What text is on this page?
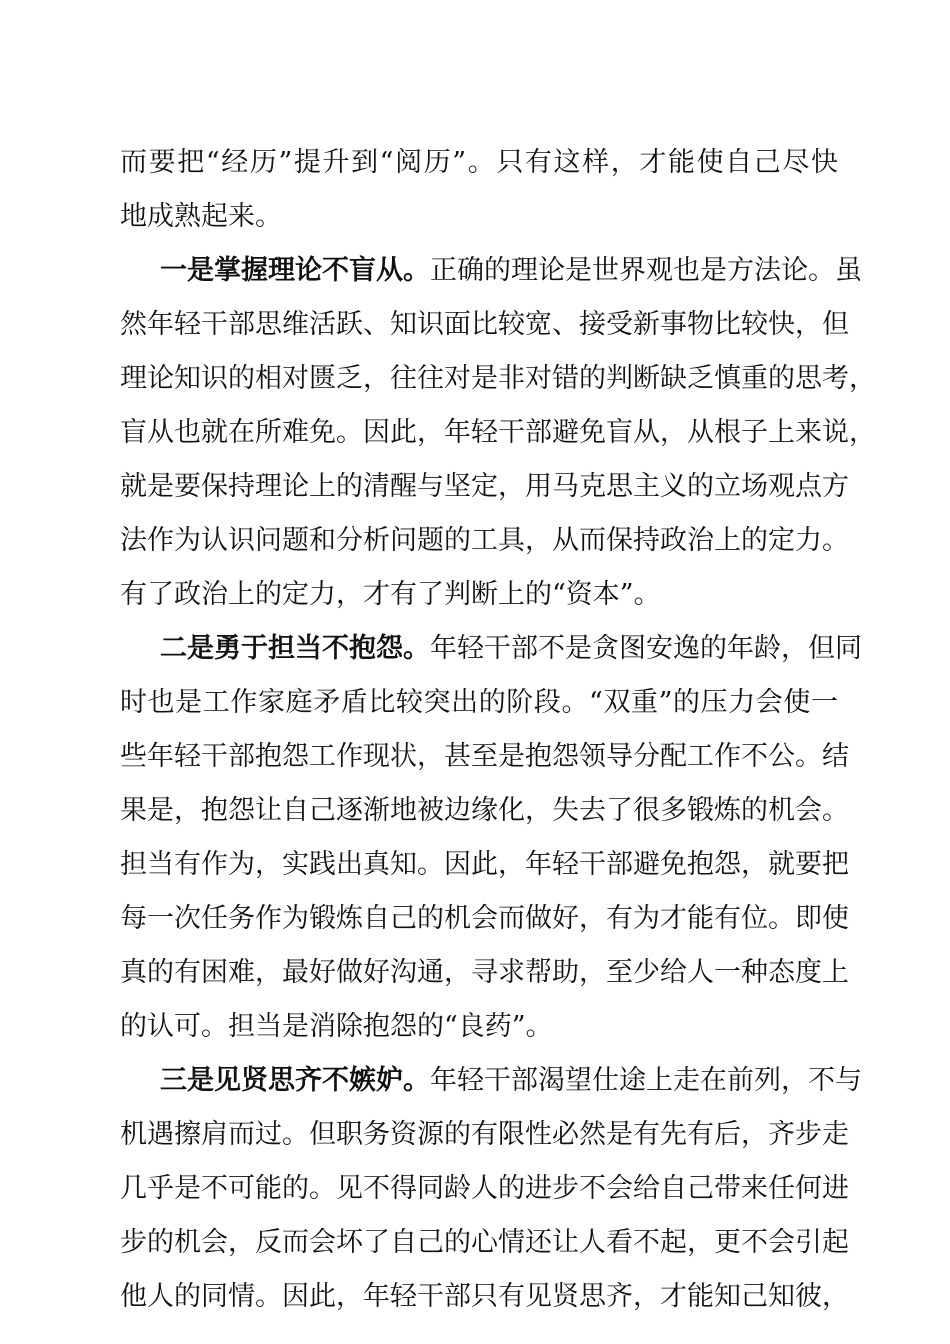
而要把“经历”提升到“阅历”。只有这样，才能使自己尽快
地成熟起来。
一是掌握理论不盲从。正确的理论是世界观也是方法论。虽
然年轻干部思维活跃、知识面比较宽、接受新事物比较快，但
理论知识的相对匮乏，往往对是非对错的判断缺乏慎重的思考，
盲从也就在所难免。因此，年轻干部避免盲从，从根子上来说，
就是要保持理论上的清醒与坚定，用马克思主义的立场观点方
法作为认识问题和分析问题的工具，从而保持政治上的定力。
有了政治上的定力，才有了判断上的“资本”。
二是勇于担当不抱怨。年轻干部不是贪图安逸的年龄，但同
时也是工作家庭矛盾比较突出的阶段。“双重”的压力会使一
些年轻干部抱怨工作现状，甚至是抱怨领导分配工作不公。结
果是，抱怨让自己逐渐地被边缘化，失去了很多锻炼的机会。
担当有作为，实践出真知。因此，年轻干部避免抱怨，就要把
每一次任务作为锻炼自己的机会而做好，有为才能有位。即使
真的有困难，最好做好沟通，寻求帮助，至少给人一种态度上
的认可。担当是消除抱怨的“良药”。
三是见贤思齐不嫉妒。年轻干部渴望仕途上走在前列，不与
机遇擦肩而过。但职务资源的有限性必然是有先有后，齐步走
几乎是不可能的。见不得同龄人的进步不会给自己带来任何进
步的机会，反而会坏了自己的心情还让人看不起，更不会引起
他人的同情。因此，年轻干部只有见贤思齐，才能知己知彼，
